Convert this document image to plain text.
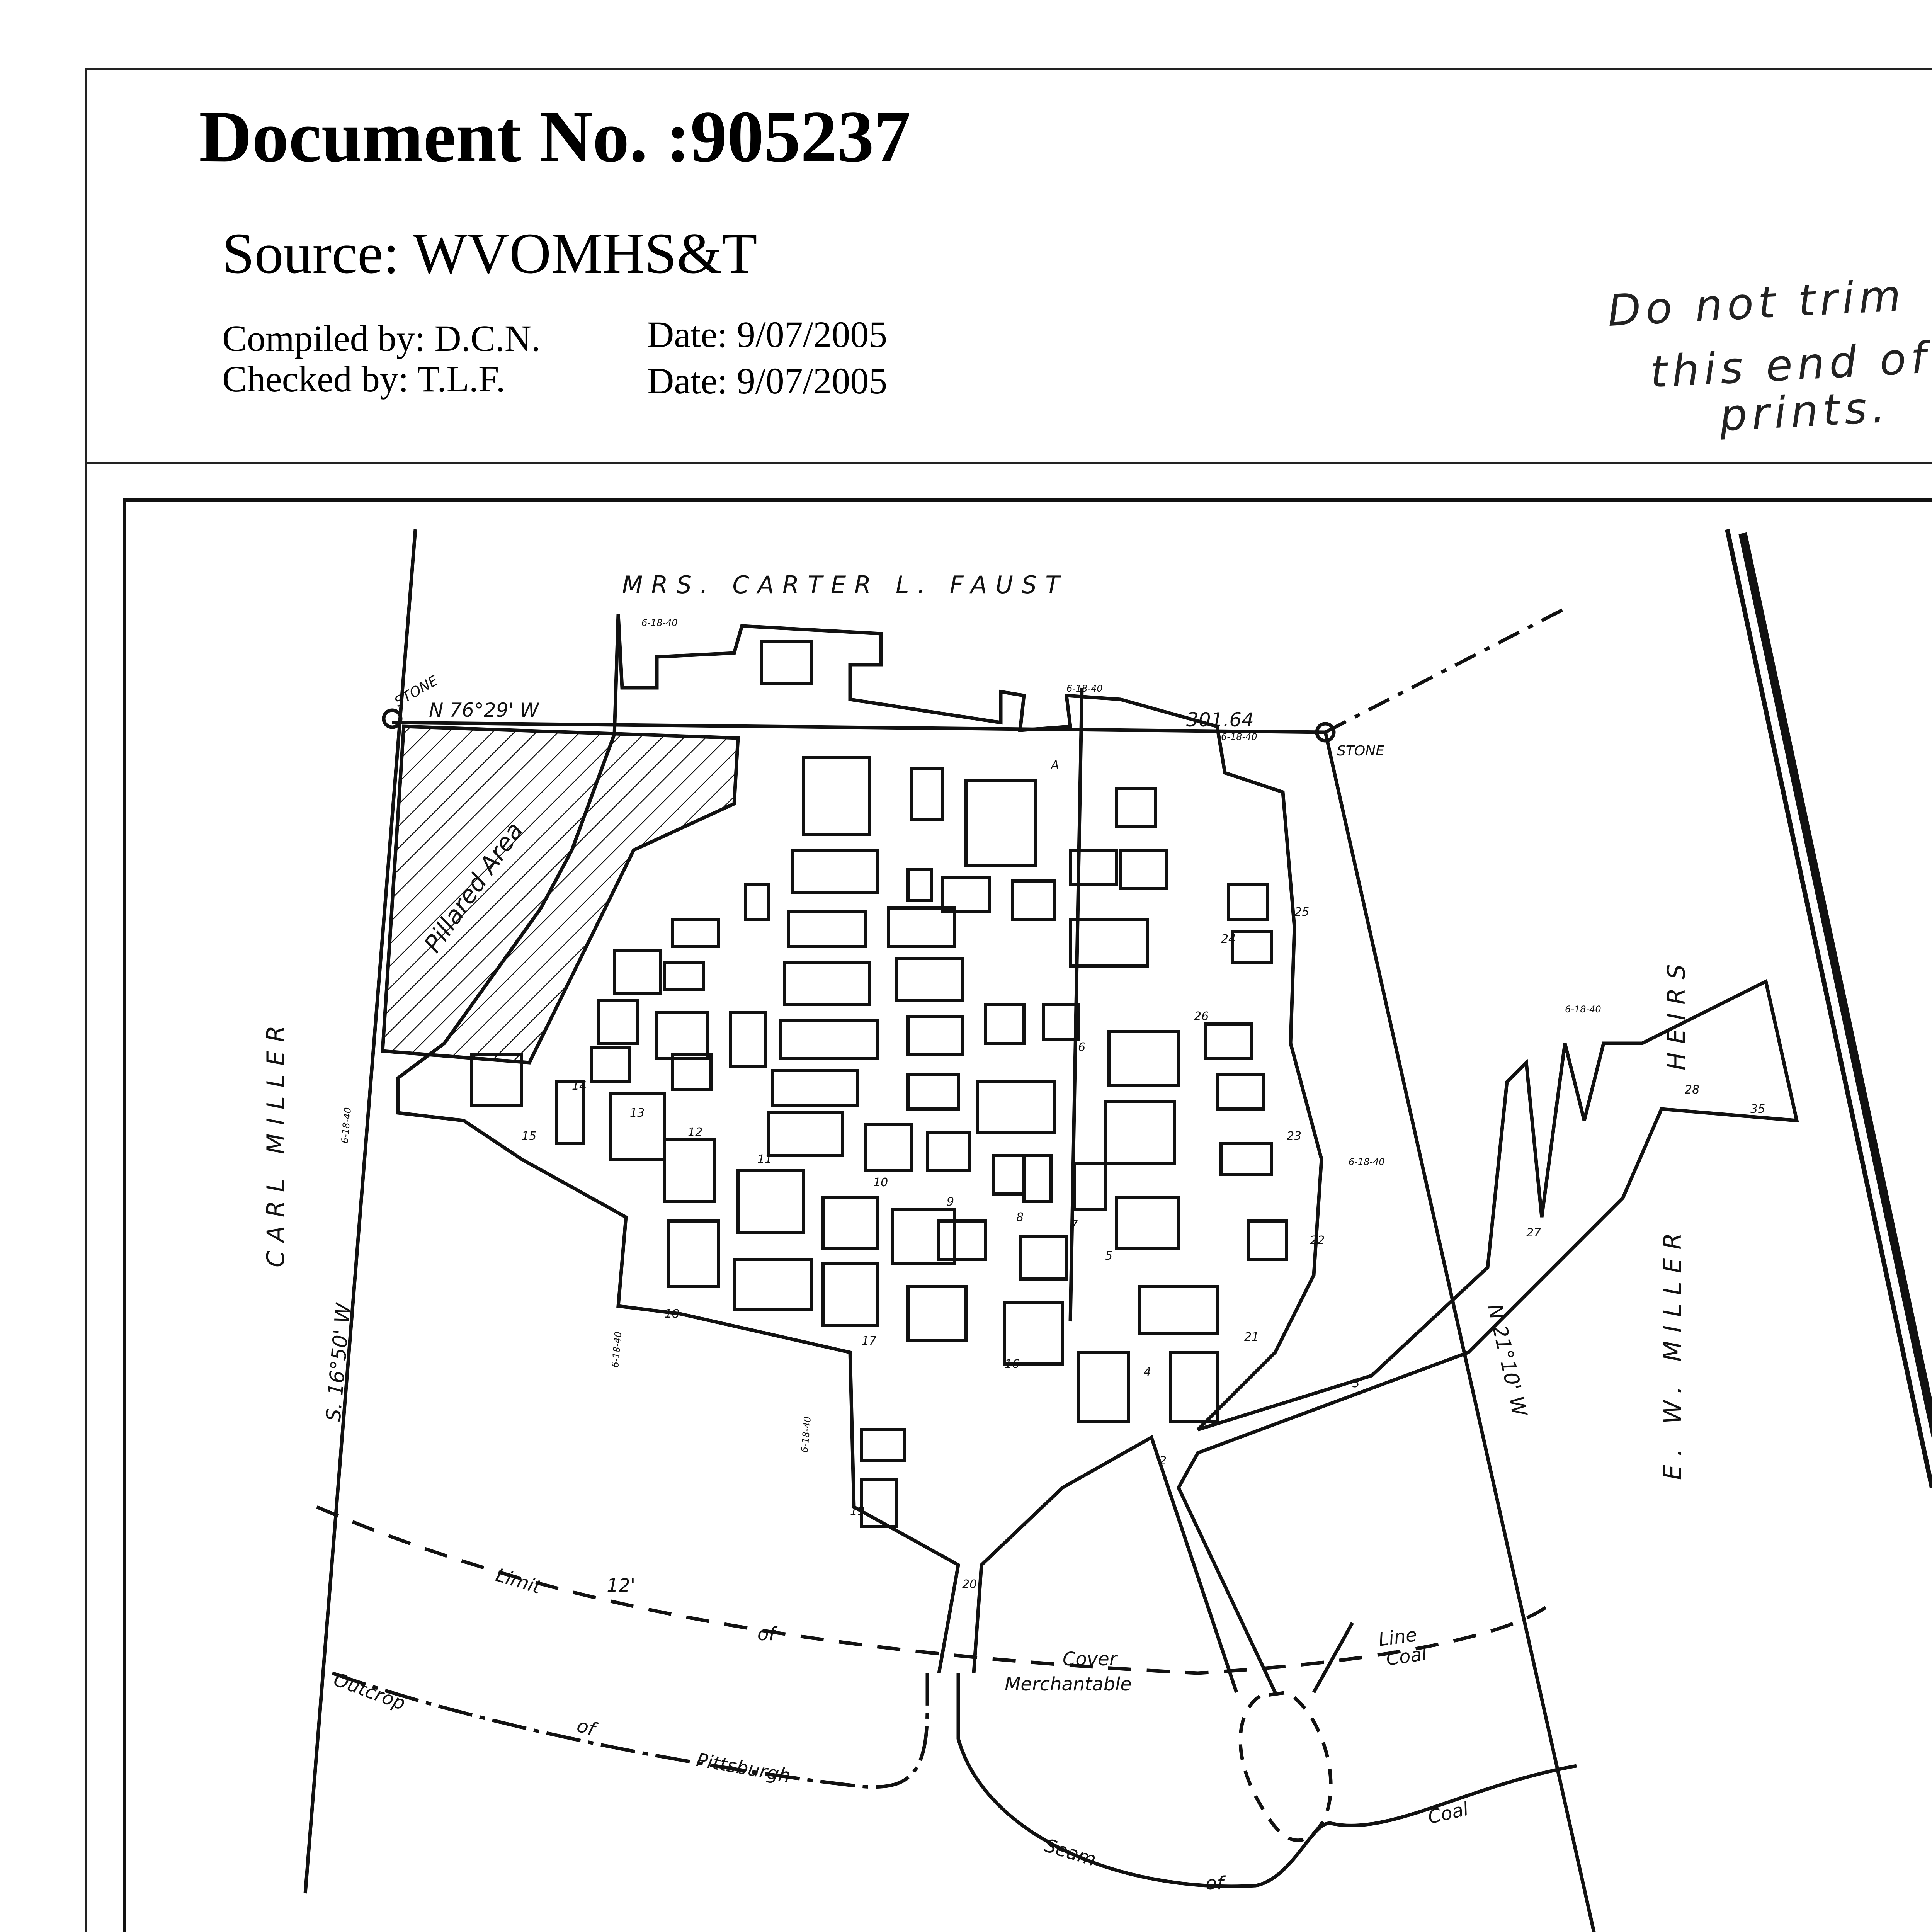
Document No. :905237
Source: WVOMHS&T
Compiled by: D.C.N.	Date: 9/07/2005
Checked by: T.L.F.	Date: 9/07/2005
Do not trim
this end of
prints.
MRS. CARTER L. FAUST
CARL MILLER
E. W. MILLER
HEIRS
N 76°29' W	301.64
S. 16°50' W	N 21°10' W
STONE
STONE
Pillared Area
6-18-40
6-18-40
6-18-40
6-18-40
6-18-40
6-18-40
6-18-40
6-18-40
2
3
4
5
6
7
8
9
10
11
12
13
14
15
16
17
18
19
20
21
22
23
24
25
26
27
28
35
A
Limit	12'
of
Cover
Merchantable
Line
Coal
Outcrop
of
Pittsburgh
Seam
of
Coal
